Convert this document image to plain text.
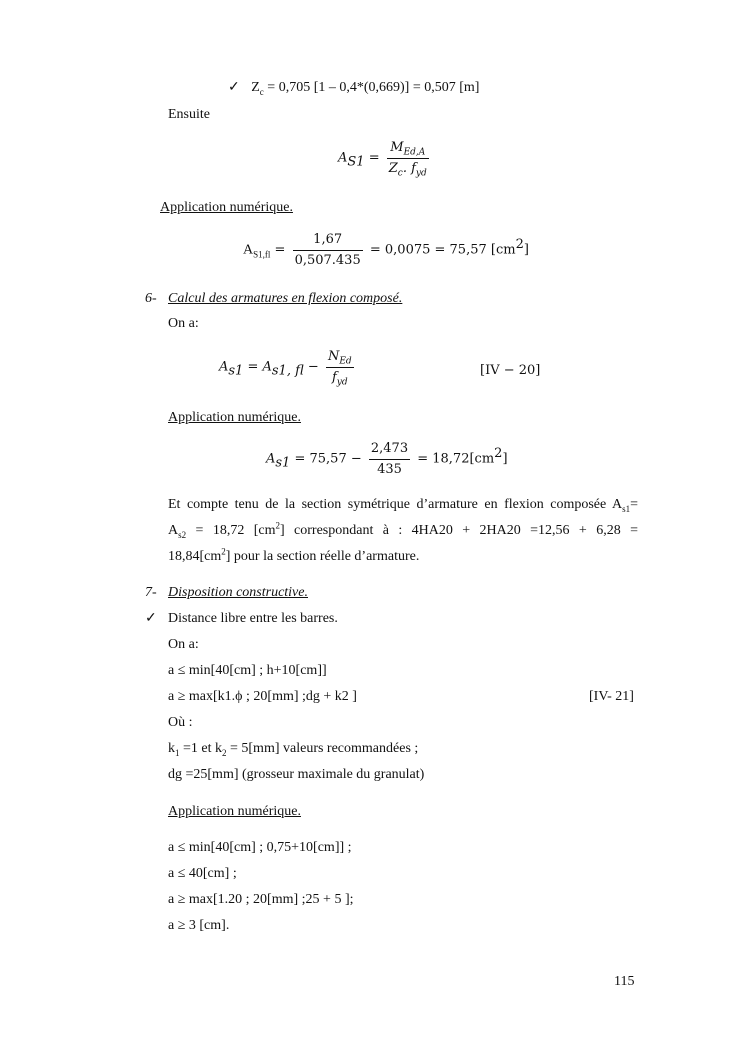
✓ $Z_c = 0,705$ [1 – 0,4*(0,669)] = 0,507 [m]
Ensuite
$A_{S1} = \frac{M_{Ed,A}}{Z_c. f_{yd}}$
Application numérique.
$A_{S1,fl} = \frac{1,67}{0,507.435} = 0,0075 = 75,57$ $[cm^2]$
6- Calcul des armatures en flexion composé.
On a:
$A_{s1} = A_{s1, fl} - \frac{N_{Ed}}{f_{yd}}$	[IV − 20]
Application numérique.
$A_{s1} = 75,57 - \frac{2,473}{435} = 18,72[cm^2]$
Et compte tenu de la section symétrique d’armature en flexion composée $A_{s1}=$
$A_{s2} = 18,72$ $[cm^2]$ correspondant à : 4HA20 + 2HA20 =12,56 + 6,28 =
$18,84[cm^2]$ pour la section réelle d’armature.
7- Disposition constructive.
✓ Distance libre entre les barres.
On a:
a ≤ min[40[cm] ; h+10[cm]]
a ≥ max[k1.ϕ ; 20[mm] ;dg + k2 ]	[IV- 21]
Où :
$k_1 =1$ et $k_2 = 5[mm]$ valeurs recommandées ;
dg =25[mm] (grosseur maximale du granulat)
Application numérique.
a ≤ min[40[cm] ; 0,75+10[cm]] ;
a ≤ 40[cm] ;
a ≥ max[1.20 ; 20[mm] ;25 + 5 ];
a ≥ 3 [cm].
115
